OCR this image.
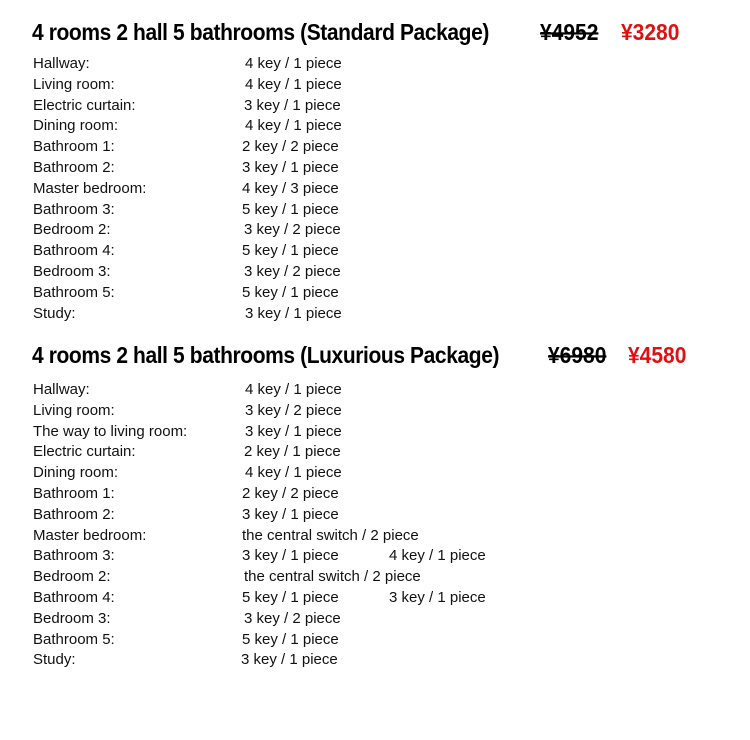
4 rooms 2 hall 5 bathrooms (Standard Package) ¥4952 ¥3280
Hallway:	4 key / 1 piece
Living room:	4 key / 1 piece
Electric curtain:	3 key / 1 piece
Dining room:	4 key / 1 piece
Bathroom 1:	2 key / 2 piece
Bathroom 2:	3 key / 1 piece
Master bedroom:	4 key / 3 piece
Bathroom 3:	5 key / 1 piece
Bedroom 2:	3 key / 2 piece
Bathroom 4:	5 key / 1 piece
Bedroom 3:	3 key / 2 piece
Bathroom 5:	5 key / 1 piece
Study:	3 key / 1 piece
4 rooms 2 hall 5 bathrooms (Luxurious Package) ¥6980 ¥4580
Hallway:	4 key / 1 piece
Living room:	3 key / 2 piece
The way to living room:	3 key / 1 piece
Electric curtain:	2 key / 1 piece
Dining room:	4 key / 1 piece
Bathroom 1:	2 key / 2 piece
Bathroom 2:	3 key / 1 piece
Master bedroom:	the central switch / 2 piece
Bathroom 3:	3 key / 1 piece	4 key / 1 piece
Bedroom 2:	the central switch / 2 piece
Bathroom 4:	5 key / 1 piece	3 key / 1 piece
Bedroom 3:	3 key / 2 piece
Bathroom 5:	5 key / 1 piece
Study:	3 key / 1 piece
